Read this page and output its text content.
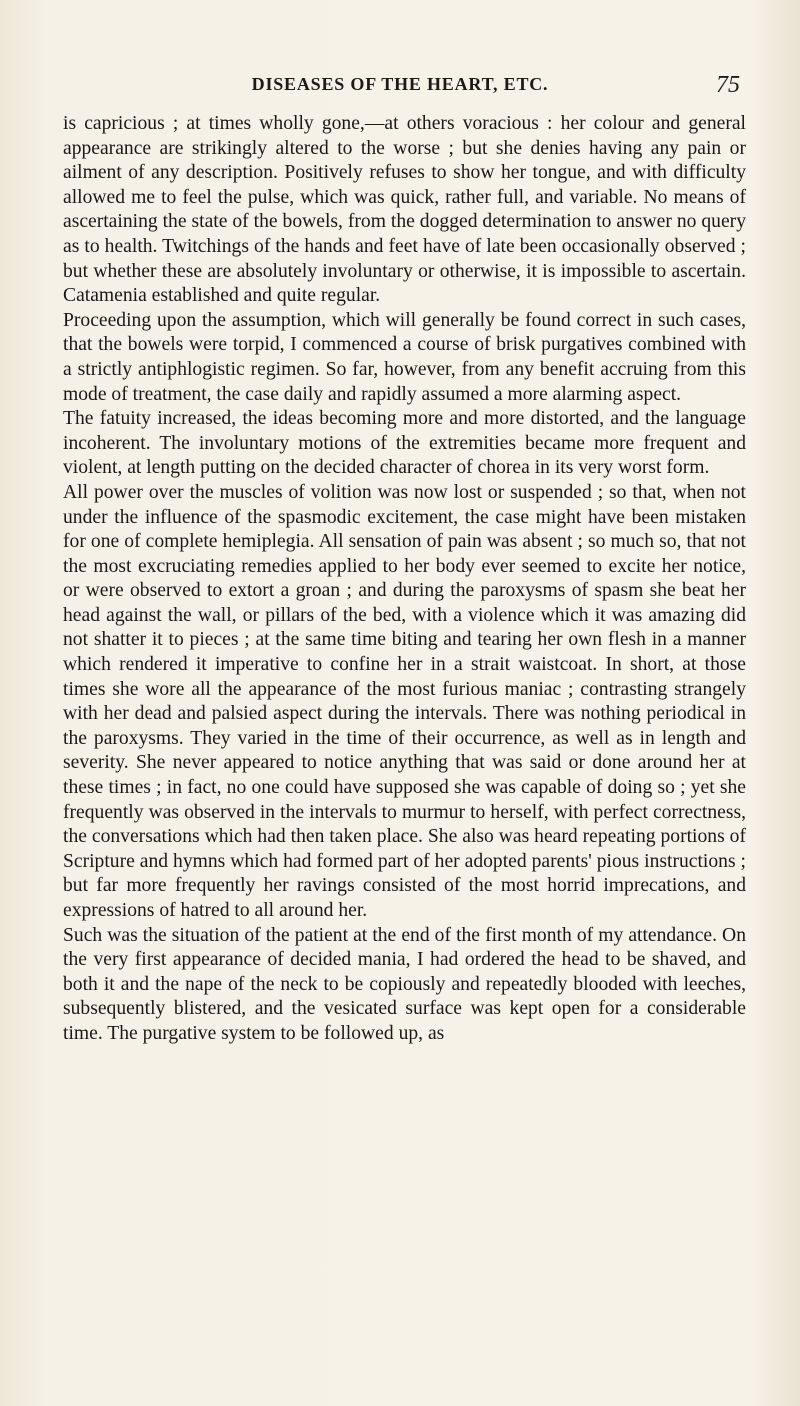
DISEASES OF THE HEART, ETC.	75

is capricious ; at times wholly gone,—at others voracious : her colour and general appearance are strikingly altered to the worse ; but she denies having any pain or ailment of any description. Positively refuses to show her tongue, and with difficulty allowed me to feel the pulse, which was quick, rather full, and variable. No means of ascertaining the state of the bowels, from the dogged determination to answer no query as to health. Twitchings of the hands and feet have of late been occasionally observed ; but whether these are absolutely involuntary or otherwise, it is impossible to ascertain. Catamenia established and quite regular.

Proceeding upon the assumption, which will generally be found correct in such cases, that the bowels were torpid, I commenced a course of brisk purgatives combined with a strictly antiphlogistic regimen. So far, however, from any benefit accruing from this mode of treatment, the case daily and rapidly assumed a more alarming aspect.

The fatuity increased, the ideas becoming more and more distorted, and the language incoherent. The involuntary motions of the extremities became more frequent and violent, at length putting on the decided character of chorea in its very worst form.

All power over the muscles of volition was now lost or suspended ; so that, when not under the influence of the spasmodic excitement, the case might have been mistaken for one of complete hemiplegia. All sensation of pain was absent ; so much so, that not the most excruciating remedies applied to her body ever seemed to excite her notice, or were observed to extort a groan ; and during the paroxysms of spasm she beat her head against the wall, or pillars of the bed, with a violence which it was amazing did not shatter it to pieces ; at the same time biting and tearing her own flesh in a manner which rendered it imperative to confine her in a strait waistcoat. In short, at those times she wore all the appearance of the most furious maniac ; contrasting strangely with her dead and palsied aspect during the intervals. There was nothing periodical in the paroxysms. They varied in the time of their occurrence, as well as in length and severity. She never appeared to notice anything that was said or done around her at these times ; in fact, no one could have supposed she was capable of doing so ; yet she frequently was observed in the intervals to murmur to herself, with perfect correctness, the conversations which had then taken place. She also was heard repeating portions of Scripture and hymns which had formed part of her adopted parents' pious instructions ; but far more frequently her ravings consisted of the most horrid imprecations, and expressions of hatred to all around her.

Such was the situation of the patient at the end of the first month of my attendance. On the very first appearance of decided mania, I had ordered the head to be shaved, and both it and the nape of the neck to be copiously and repeatedly blooded with leeches, subsequently blistered, and the vesicated surface was kept open for a considerable time. The purgative system to be followed up, as
